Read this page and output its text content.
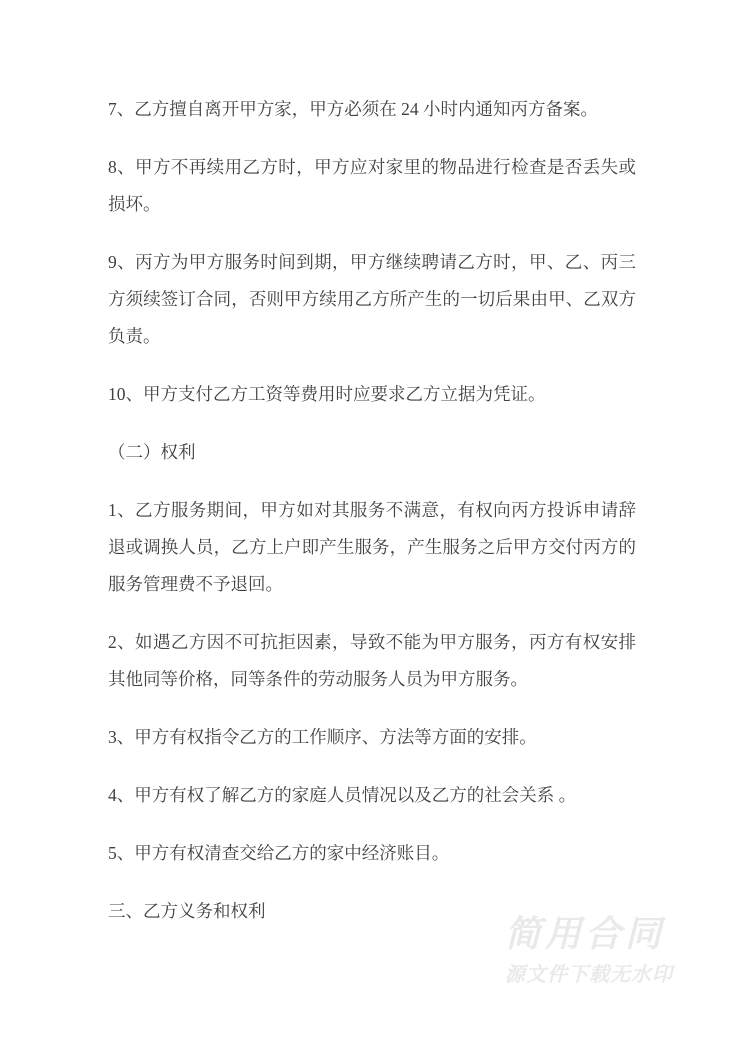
7、乙方擅自离开甲方家，甲方必须在 24 小时内通知丙方备案。

8、甲方不再续用乙方时，甲方应对家里的物品进行检查是否丢失或损坏。

9、丙方为甲方服务时间到期，甲方继续聘请乙方时，甲、乙、丙三方须续签订合同，否则甲方续用乙方所产生的一切后果由甲、乙双方负责。

10、甲方支付乙方工资等费用时应要求乙方立据为凭证。

（二）权利

1、乙方服务期间，甲方如对其服务不满意，有权向丙方投诉申请辞退或调换人员，乙方上户即产生服务，产生服务之后甲方交付丙方的服务管理费不予退回。

2、如遇乙方因不可抗拒因素，导致不能为甲方服务，丙方有权安排其他同等价格，同等条件的劳动服务人员为甲方服务。

3、甲方有权指令乙方的工作顺序、方法等方面的安排。

4、甲方有权了解乙方的家庭人员情况以及乙方的社会关系 。

5、甲方有权清查交给乙方的家中经济账目。

三、乙方义务和权利

简用合同
源文件下载无水印
